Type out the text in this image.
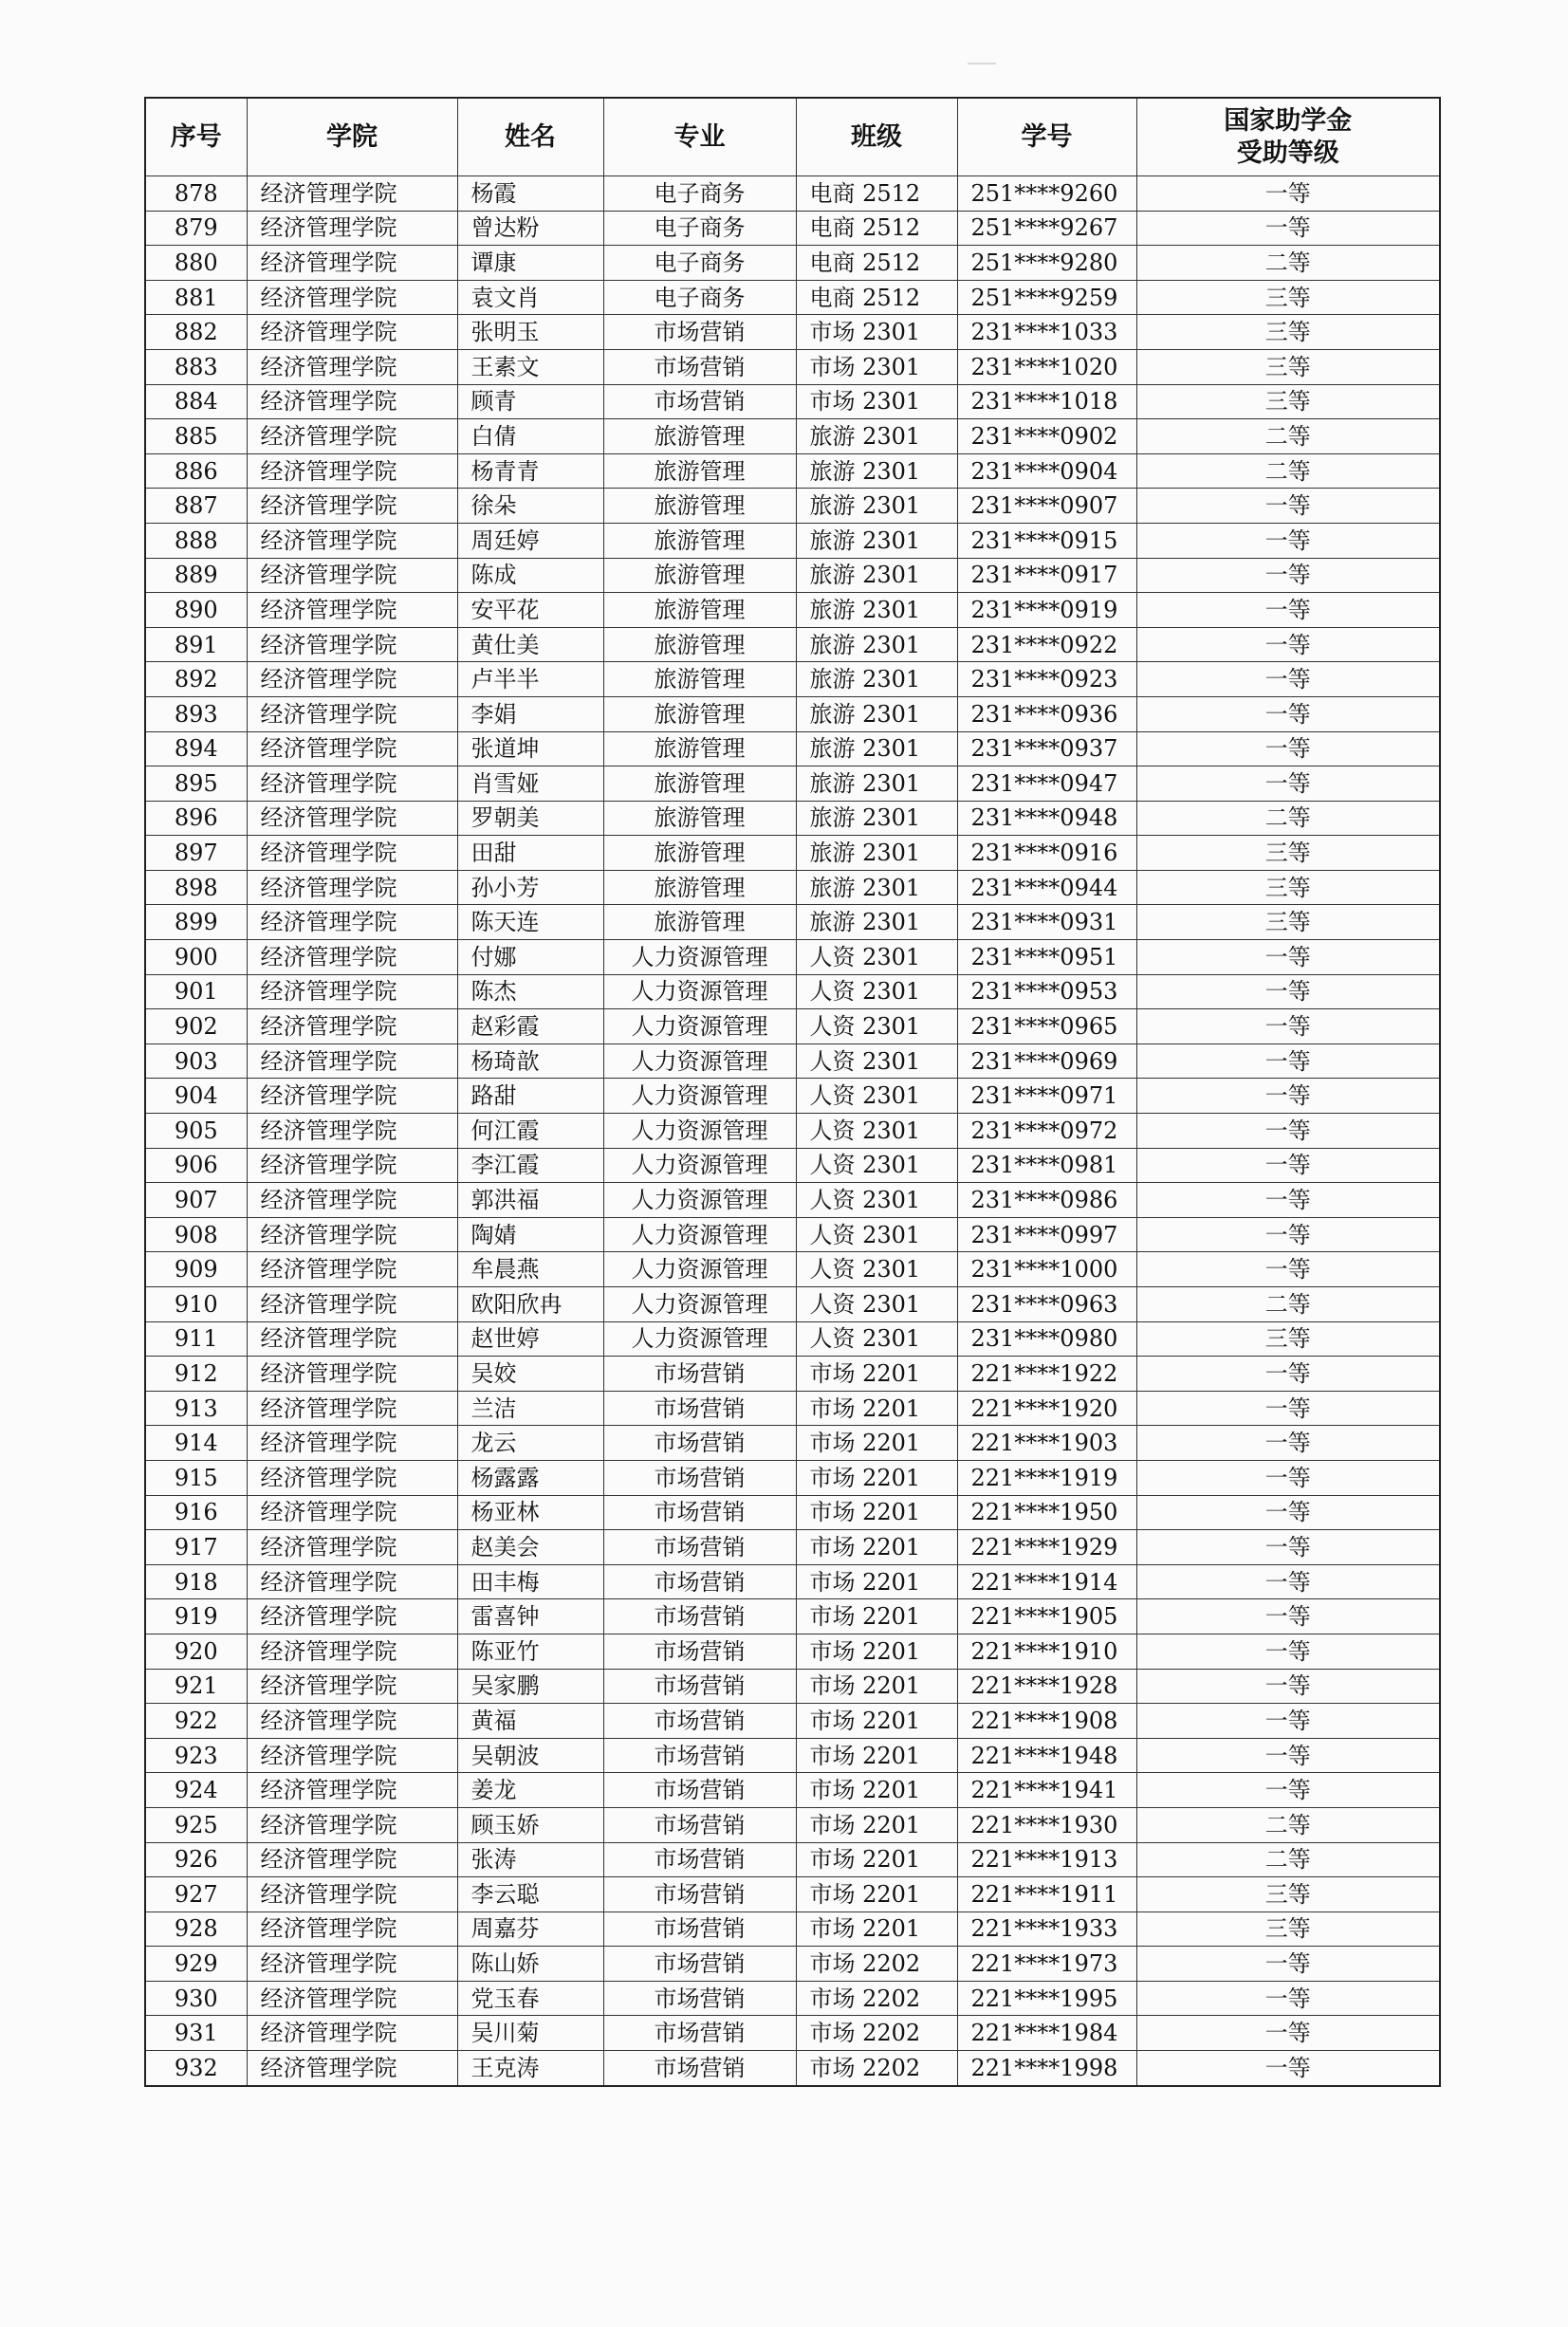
序号	学院	姓名	专业	班级	学号	国家助学金
受助等级
878	经济管理学院	杨霞	电子商务	电商 2512	251****9260	一等
879	经济管理学院	曾达粉	电子商务	电商 2512	251****9267	一等
880	经济管理学院	谭康	电子商务	电商 2512	251****9280	二等
881	经济管理学院	袁文肖	电子商务	电商 2512	251****9259	三等
882	经济管理学院	张明玉	市场营销	市场 2301	231****1033	三等
883	经济管理学院	王素文	市场营销	市场 2301	231****1020	三等
884	经济管理学院	顾青	市场营销	市场 2301	231****1018	三等
885	经济管理学院	白倩	旅游管理	旅游 2301	231****0902	二等
886	经济管理学院	杨青青	旅游管理	旅游 2301	231****0904	二等
887	经济管理学院	徐朵	旅游管理	旅游 2301	231****0907	一等
888	经济管理学院	周廷婷	旅游管理	旅游 2301	231****0915	一等
889	经济管理学院	陈成	旅游管理	旅游 2301	231****0917	一等
890	经济管理学院	安平花	旅游管理	旅游 2301	231****0919	一等
891	经济管理学院	黄仕美	旅游管理	旅游 2301	231****0922	一等
892	经济管理学院	卢半半	旅游管理	旅游 2301	231****0923	一等
893	经济管理学院	李娟	旅游管理	旅游 2301	231****0936	一等
894	经济管理学院	张道坤	旅游管理	旅游 2301	231****0937	一等
895	经济管理学院	肖雪娅	旅游管理	旅游 2301	231****0947	一等
896	经济管理学院	罗朝美	旅游管理	旅游 2301	231****0948	二等
897	经济管理学院	田甜	旅游管理	旅游 2301	231****0916	三等
898	经济管理学院	孙小芳	旅游管理	旅游 2301	231****0944	三等
899	经济管理学院	陈天连	旅游管理	旅游 2301	231****0931	三等
900	经济管理学院	付娜	人力资源管理	人资 2301	231****0951	一等
901	经济管理学院	陈杰	人力资源管理	人资 2301	231****0953	一等
902	经济管理学院	赵彩霞	人力资源管理	人资 2301	231****0965	一等
903	经济管理学院	杨琦歆	人力资源管理	人资 2301	231****0969	一等
904	经济管理学院	路甜	人力资源管理	人资 2301	231****0971	一等
905	经济管理学院	何江霞	人力资源管理	人资 2301	231****0972	一等
906	经济管理学院	李江霞	人力资源管理	人资 2301	231****0981	一等
907	经济管理学院	郭洪福	人力资源管理	人资 2301	231****0986	一等
908	经济管理学院	陶婧	人力资源管理	人资 2301	231****0997	一等
909	经济管理学院	牟晨燕	人力资源管理	人资 2301	231****1000	一等
910	经济管理学院	欧阳欣冉	人力资源管理	人资 2301	231****0963	二等
911	经济管理学院	赵世婷	人力资源管理	人资 2301	231****0980	三等
912	经济管理学院	吴姣	市场营销	市场 2201	221****1922	一等
913	经济管理学院	兰洁	市场营销	市场 2201	221****1920	一等
914	经济管理学院	龙云	市场营销	市场 2201	221****1903	一等
915	经济管理学院	杨露露	市场营销	市场 2201	221****1919	一等
916	经济管理学院	杨亚林	市场营销	市场 2201	221****1950	一等
917	经济管理学院	赵美会	市场营销	市场 2201	221****1929	一等
918	经济管理学院	田丰梅	市场营销	市场 2201	221****1914	一等
919	经济管理学院	雷喜钟	市场营销	市场 2201	221****1905	一等
920	经济管理学院	陈亚竹	市场营销	市场 2201	221****1910	一等
921	经济管理学院	吴家鹏	市场营销	市场 2201	221****1928	一等
922	经济管理学院	黄福	市场营销	市场 2201	221****1908	一等
923	经济管理学院	吴朝波	市场营销	市场 2201	221****1948	一等
924	经济管理学院	姜龙	市场营销	市场 2201	221****1941	一等
925	经济管理学院	顾玉娇	市场营销	市场 2201	221****1930	二等
926	经济管理学院	张涛	市场营销	市场 2201	221****1913	二等
927	经济管理学院	李云聪	市场营销	市场 2201	221****1911	三等
928	经济管理学院	周嘉芬	市场营销	市场 2201	221****1933	三等
929	经济管理学院	陈山娇	市场营销	市场 2202	221****1973	一等
930	经济管理学院	党玉春	市场营销	市场 2202	221****1995	一等
931	经济管理学院	吴川菊	市场营销	市场 2202	221****1984	一等
932	经济管理学院	王克涛	市场营销	市场 2202	221****1998	一等
